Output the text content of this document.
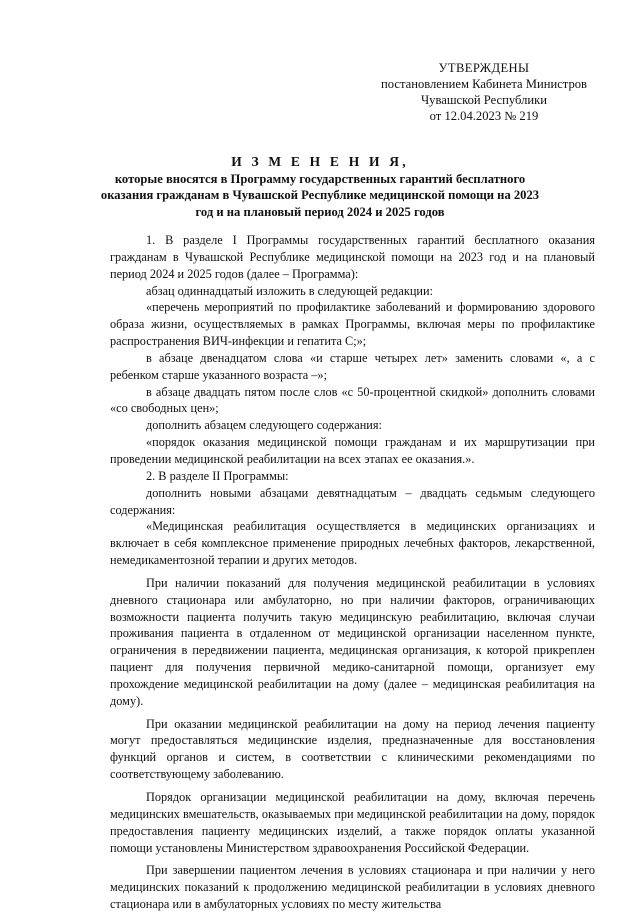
УТВЕРЖДЕНЫ
постановлением Кабинета Министров
Чувашской Республики
от 12.04.2023 № 219
И З М Е Н Е Н И Я,
которые вносятся в Программу государственных гарантий бесплатного оказания гражданам в Чувашской Республике медицинской помощи на 2023 год и на плановый период 2024 и 2025 годов

1. В разделе I Программы государственных гарантий бесплатного оказания гражданам в Чувашской Республике медицинской помощи на 2023 год и на плановый период 2024 и 2025 годов (далее – Программа):

абзац одиннадцатый изложить в следующей редакции:

«перечень мероприятий по профилактике заболеваний и формированию здорового образа жизни, осуществляемых в рамках Программы, включая меры по профилактике распространения ВИЧ-инфекции и гепатита С;»;

в абзаце двенадцатом слова «и старше четырех лет» заменить словами «, а с ребенком старше указанного возраста –»;

в абзаце двадцать пятом после слов «с 50-процентной скидкой» дополнить словами «со свободных цен»;

дополнить абзацем следующего содержания:

«порядок оказания медицинской помощи гражданам и их маршрутизации при проведении медицинской реабилитации на всех этапах ее оказания.».

2. В разделе II Программы:

дополнить новыми абзацами девятнадцатым – двадцать седьмым следующего содержания:

«Медицинская реабилитация осуществляется в медицинских организациях и включает в себя комплексное применение природных лечебных факторов, лекарственной, немедикаментозной терапии и других методов.

При наличии показаний для получения медицинской реабилитации в условиях дневного стационара или амбулаторно, но при наличии факторов, ограничивающих возможности пациента получить такую медицинскую реабилитацию, включая случаи проживания пациента в отдаленном от медицинской организации населенном пункте, ограничения в передвижении пациента, медицинская организация, к которой прикреплен пациент для получения первичной медико-санитарной помощи, организует ему прохождение медицинской реабилитации на дому (далее – медицинская реабилитация на дому).

При оказании медицинской реабилитации на дому на период лечения пациенту могут предоставляться медицинские изделия, предназначенные для восстановления функций органов и систем, в соответствии с клиническими рекомендациями по соответствующему заболеванию.

Порядок организации медицинской реабилитации на дому, включая перечень медицинских вмешательств, оказываемых при медицинской реабилитации на дому, порядок предоставления пациенту медицинских изделий, а также порядок оплаты указанной помощи установлены Министерством здравоохранения Российской Федерации.

При завершении пациентом лечения в условиях стационара и при наличии у него медицинских показаний к продолжению медицинской реабилитации в условиях дневного стационара или в амбулаторных условиях по месту жительства
